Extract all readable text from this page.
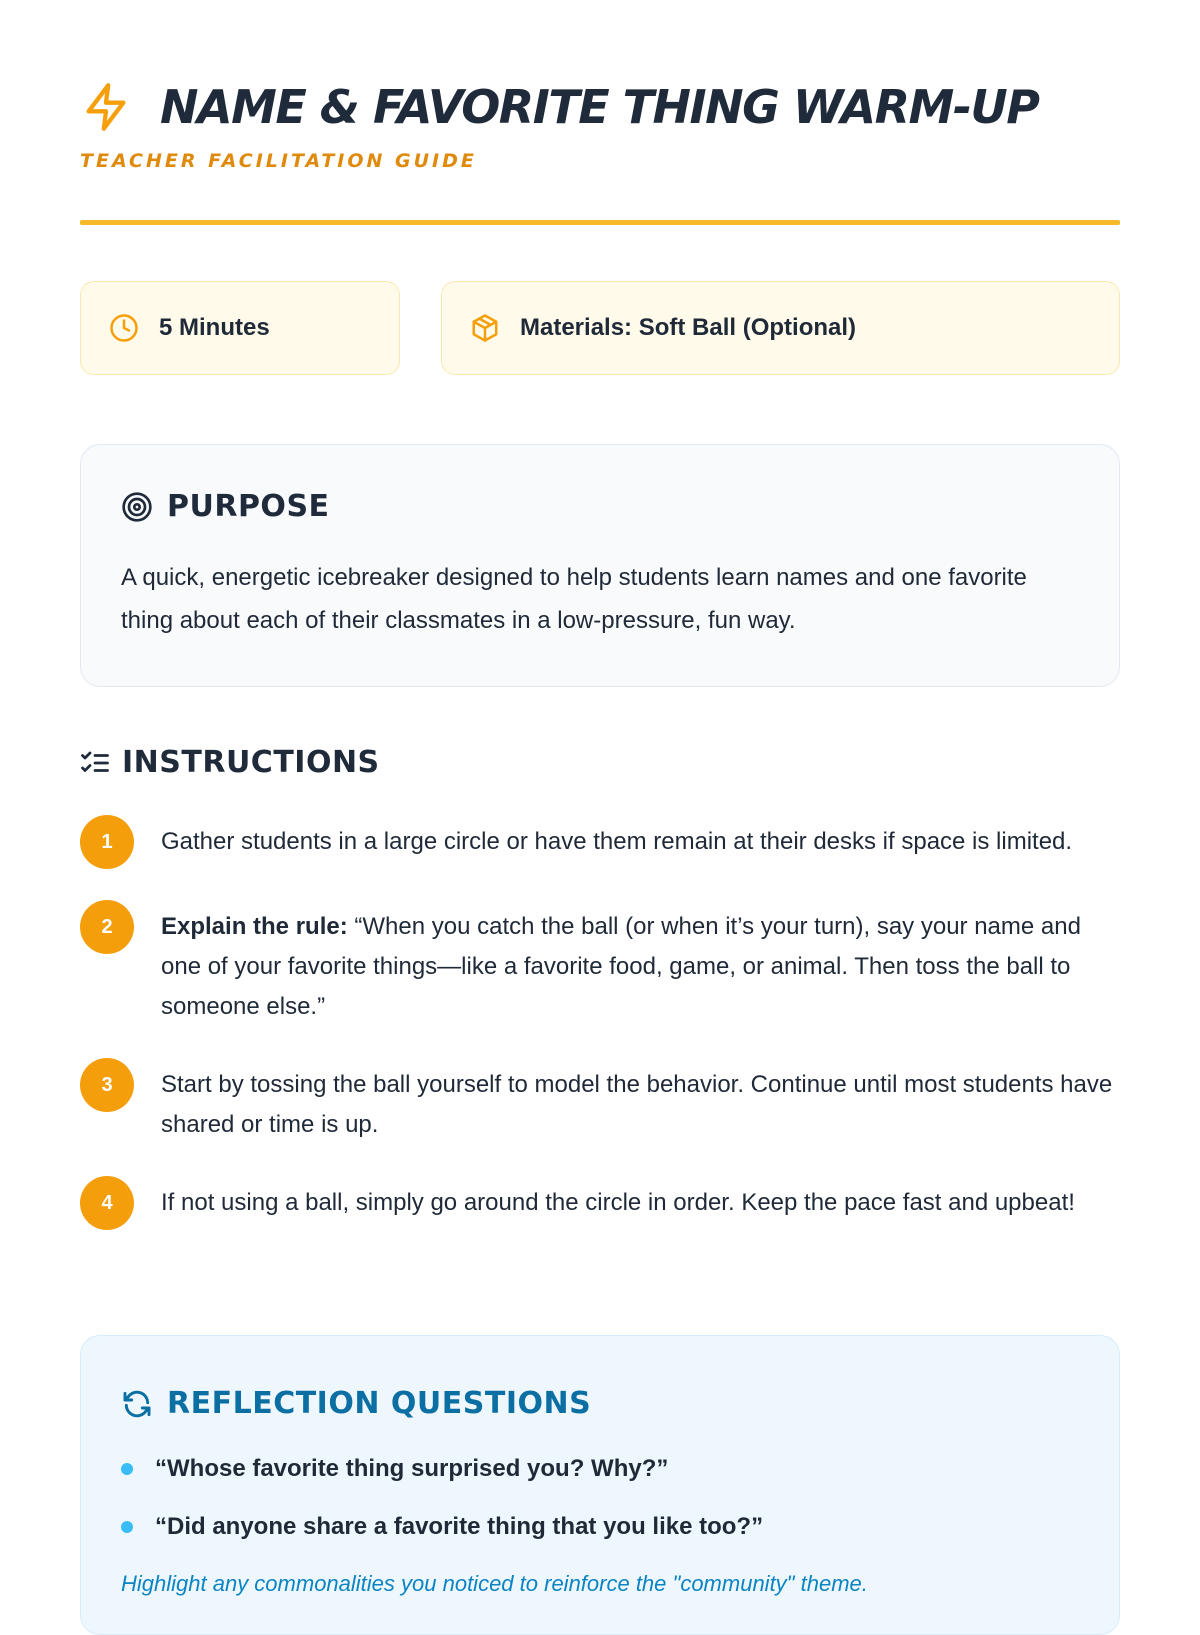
NAME & FAVORITE THING WARM-UP
TEACHER FACILITATION GUIDE
5 Minutes	Materials: Soft Ball (Optional)
PURPOSE
A quick, energetic icebreaker designed to help students learn names and one favorite thing about each of their classmates in a low-pressure, fun way.
INSTRUCTIONS
1	Gather students in a large circle or have them remain at their desks if space is limited.
2	Explain the rule: “When you catch the ball (or when it’s your turn), say your name and one of your favorite things—like a favorite food, game, or animal. Then toss the ball to someone else.”
3	Start by tossing the ball yourself to model the behavior. Continue until most students have shared or time is up.
4	If not using a ball, simply go around the circle in order. Keep the pace fast and upbeat!
REFLECTION QUESTIONS
“Whose favorite thing surprised you? Why?”
“Did anyone share a favorite thing that you like too?”
Highlight any commonalities you noticed to reinforce the "community" theme.
